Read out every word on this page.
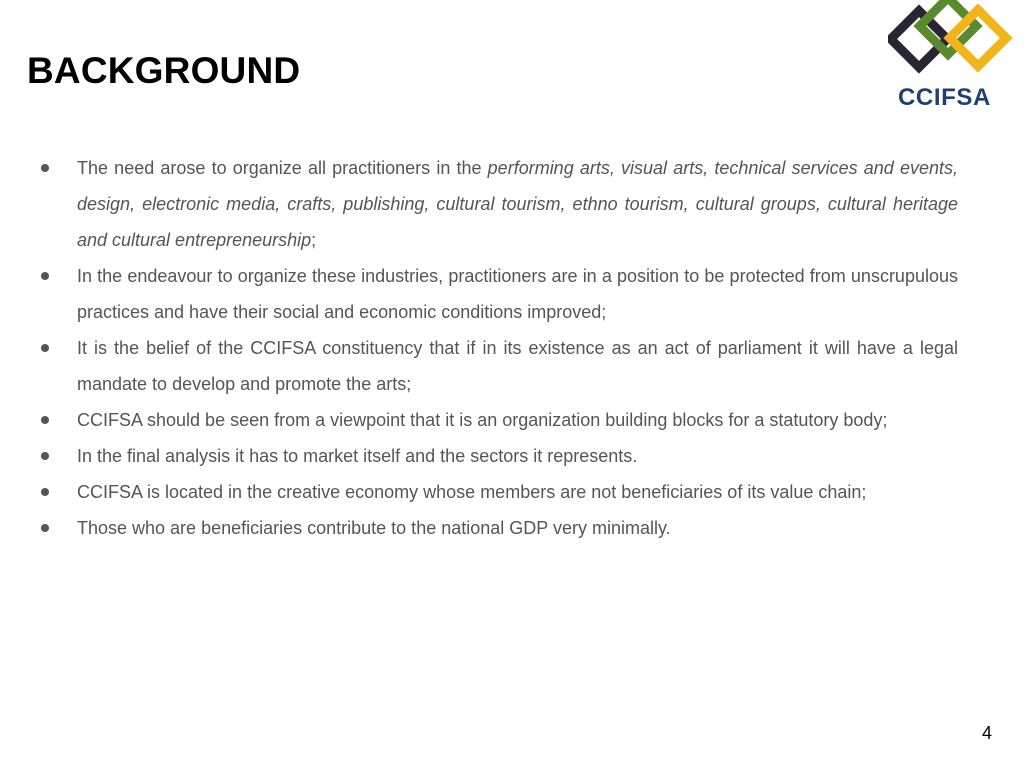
BACKGROUND
CCIFSA
The need arose to organize all practitioners in the performing arts, visual arts, technical services and events, design, electronic media, crafts, publishing, cultural tourism, ethno tourism, cultural groups, cultural heritage and cultural entrepreneurship;
In the endeavour to organize these industries, practitioners are in a position to be protected from unscrupulous practices and have their social and economic conditions improved;
It is the belief of the CCIFSA constituency that if in its existence as an act of parliament it will have a legal mandate to develop and promote the arts;
CCIFSA should be seen from a viewpoint that it is an organization building blocks for a statutory body;
In the final analysis it has to market itself and the sectors it represents.
CCIFSA is located in the creative economy whose members are not beneficiaries of its value chain;
Those who are beneficiaries contribute to the national GDP very minimally.
4
